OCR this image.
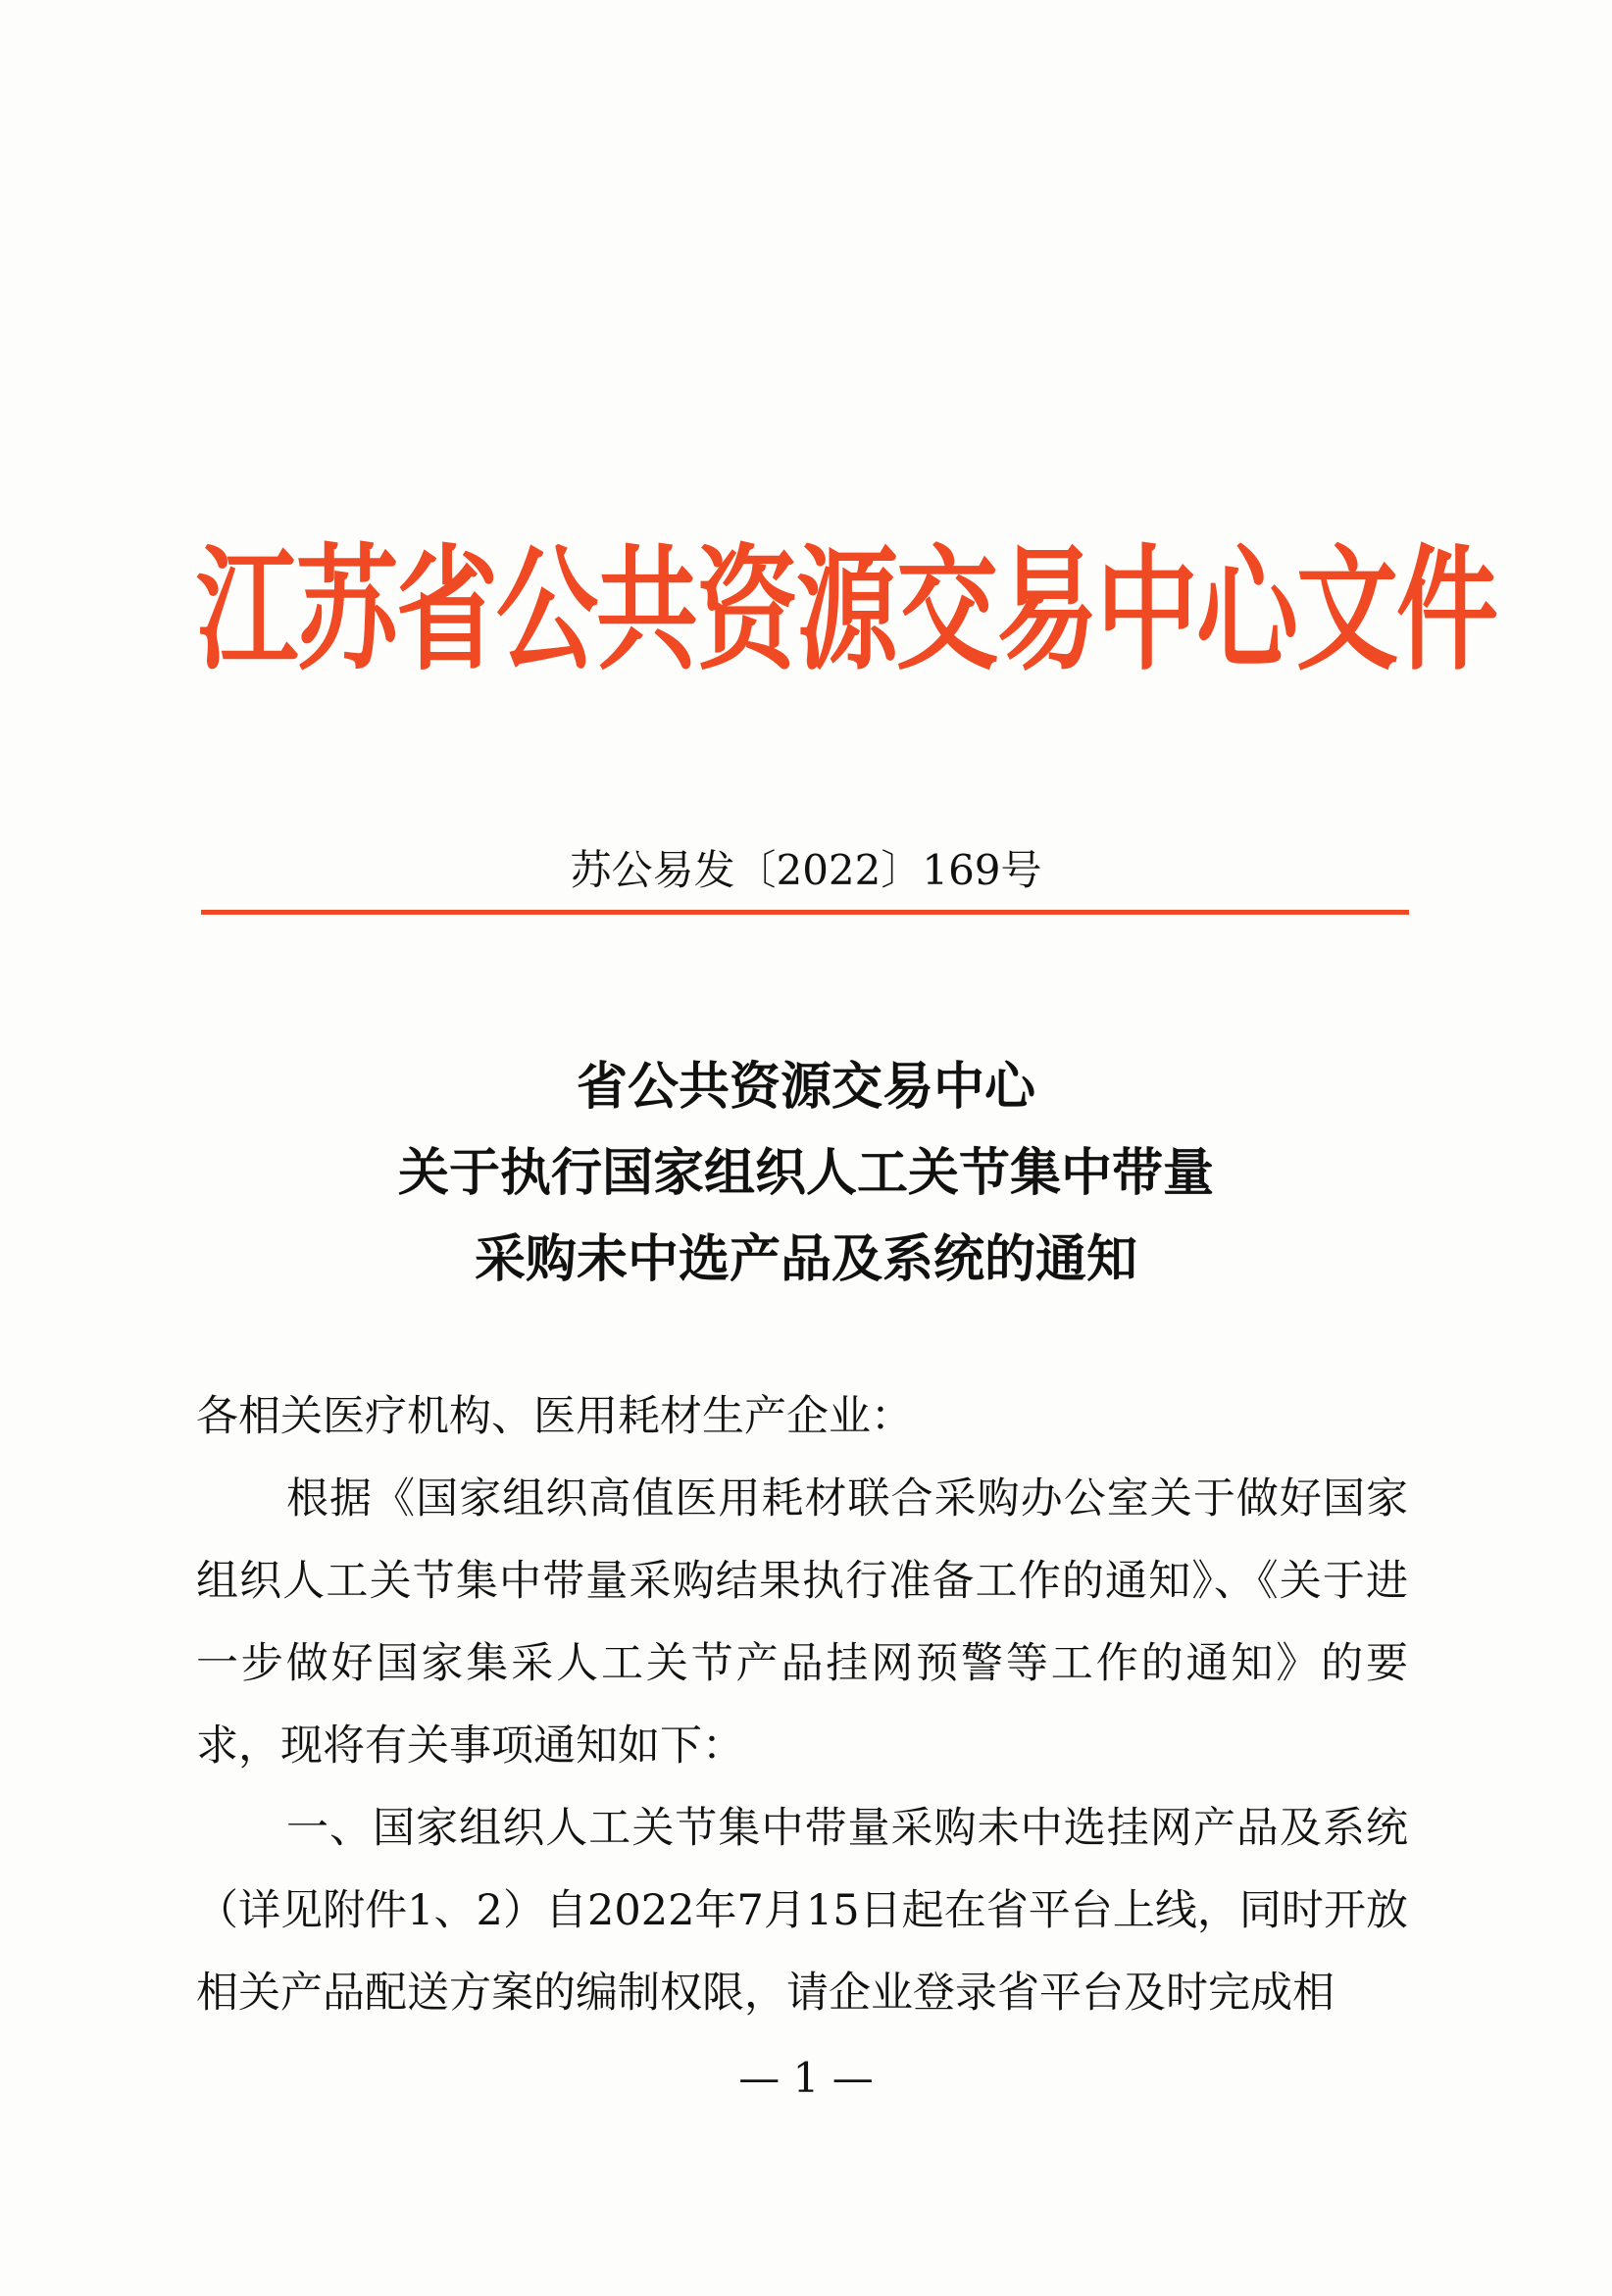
江苏省公共资源交易中心文件
苏公易发〔2022〕169号
省公共资源交易中心
关于执行国家组织人工关节集中带量
采购未中选产品及系统的通知

各相关医疗机构、医用耗材生产企业：

根据《国家组织高值医用耗材联合采购办公室关于做好国家组织人工关节集中带量采购结果执行准备工作的通知》、《关于进一步做好国家集采人工关节产品挂网预警等工作的通知》的要求，现将有关事项通知如下：

一、国家组织人工关节集中带量采购未中选挂网产品及系统（详见附件1、2）自2022年7月15日起在省平台上线，同时开放相关产品配送方案的编制权限，请企业登录省平台及时完成相

— 1 —
